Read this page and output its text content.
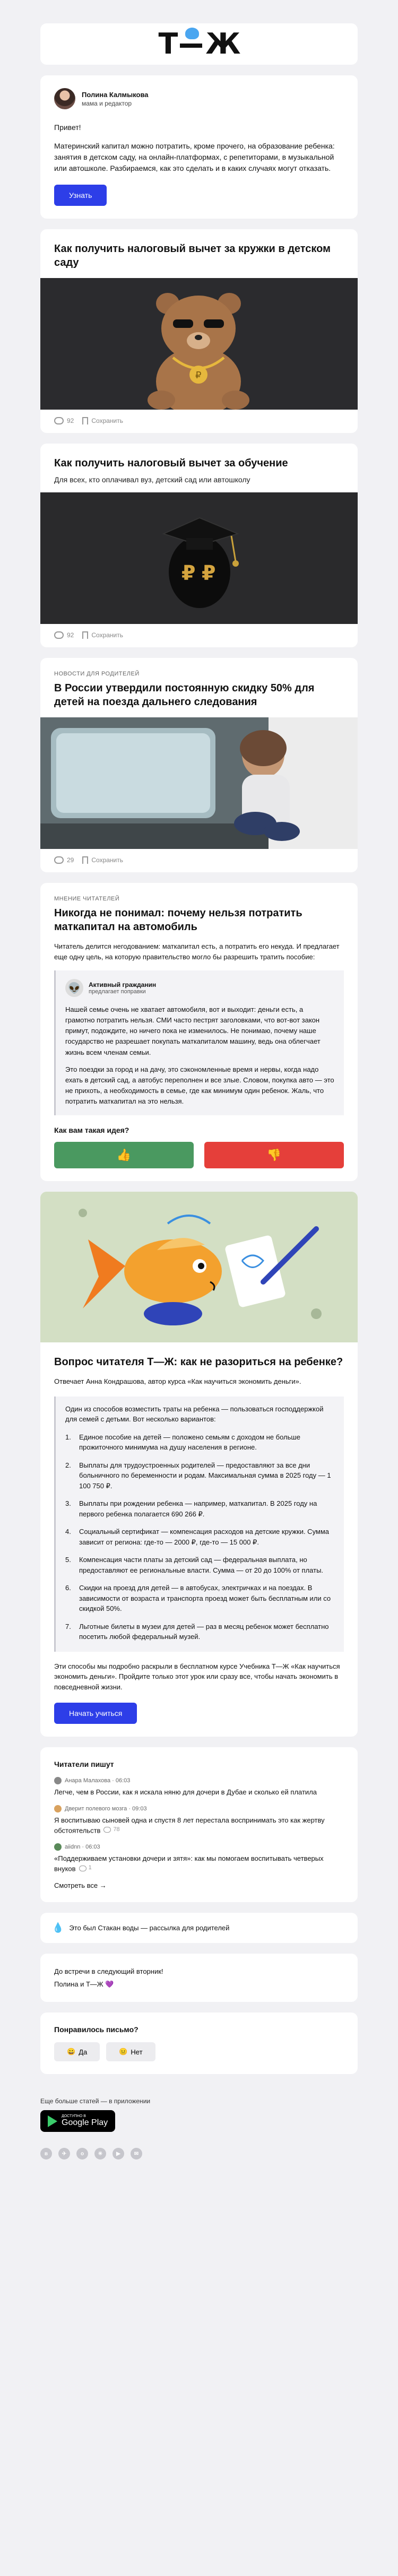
Т Ж
Полина Калмыкова
мама и редактор

Привет!

Материнский капитал можно потратить, кроме прочего, на образование ребенка: занятия в детском саду, на онлайн-платформах, с репетиторами, в музыкальной или автошколе. Разбираемся, как это сделать и в каких случаях могут отказать.

Узнать
Как получить налоговый вычет за кружки в детском саду
₽
92	Сохранить
Как получить налоговый вычет за обучение
Для всех, кто оплачивал вуз, детский сад или автошколу
₽ ₽
92	Сохранить
НОВОСТИ ДЛЯ РОДИТЕЛЕЙ
В России утвердили постоянную скидку 50% для детей на поезда дальнего следования
29	Сохранить
МНЕНИЕ ЧИТАТЕЛЕЙ
Никогда не понимал: почему нельзя потратить маткапитал на автомобиль

Читатель делится негодованием: маткапитал есть, а потратить его некуда. И предлагает еще одну цель, на которую правительство могло бы разрешить тратить пособие:

👽	Активный гражданин
предлагает поправки

Нашей семье очень не хватает автомобиля, вот и выходит: деньги есть, а грамотно потратить нельзя. СМИ часто пестрят заголовками, что вот-вот закон примут, подождите, но ничего пока не изменилось. Не понимаю, почему наше государство не разрешает покупать маткапиталом машину, ведь она облегчает жизнь всем членам семьи.

Это поездки за город и на дачу, это сэкономленные время и нервы, когда надо ехать в детский сад, а автобус переполнен и все злые. Словом, покупка авто — это не прихоть, а необходимость в семье, где как минимум один ребенок. Жаль, что потратить маткапитал на это нельзя.

Как вам такая идея?
👍	👎
Вопрос читателя Т—Ж: как не разориться на ребенке?

Отвечает Анна Кондрашова, автор курса «Как научиться экономить деньги».

Один из способов возместить траты на ребенка — пользоваться господдержкой для семей с детьми. Вот несколько вариантов:

Единое пособие на детей — положено семьям с доходом не больше прожиточного минимума на душу населения в регионе.
Выплаты для трудоустроенных родителей — предоставляют за все дни больничного по беременности и родам. Максимальная сумма в 2025 году — 1 100 750 ₽.
Выплаты при рождении ребенка — например, маткапитал. В 2025 году на первого ребенка полагается 690 266 ₽.
Социальный сертификат — компенсация расходов на детские кружки. Сумма зависит от региона: где-то — 2000 ₽, где-то — 15 000 ₽.
Компенсация части платы за детский сад — федеральная выплата, но предоставляют ее региональные власти. Сумма — от 20 до 100% от платы.
Скидки на проезд для детей — в автобусах, электричках и на поездах. В зависимости от возраста и транспорта проезд может быть бесплатным или со скидкой 50%.
Льготные билеты в музеи для детей — раз в месяц ребенок может бесплатно посетить любой федеральный музей.

Эти способы мы подробно раскрыли в бесплатном курсе Учебника Т—Ж «Как научиться экономить деньги». Пройдите только этот урок или сразу все, чтобы начать экономить в повседневной жизни.

Начать учиться
Читатели пишут
Анара Малахова · 06:03
Легче, чем в России, как я искала няню для дочери в Дубае и сколько ей платила
Дверит полевого мозга · 09:03
Я воспитываю сыновей одна и спустя 8 лет перестала воспринимать это как жертву обстоятельств 78
aiidnn · 06:03
«Поддерживаем установки дочери и зятя»: как мы помогаем воспитывать четверых внуков 1
Смотреть все →
💧 Это был Стакан воды — рассылка для родителей

До встречи в следующий вторник!

Полина и Т—Ж 💜

Понравилось письмо?
😀 Да	😐 Нет
Еще больше статей — в приложении
ДОСТУПНО В
Google Play
в	✈	о	✳	▶	✉
